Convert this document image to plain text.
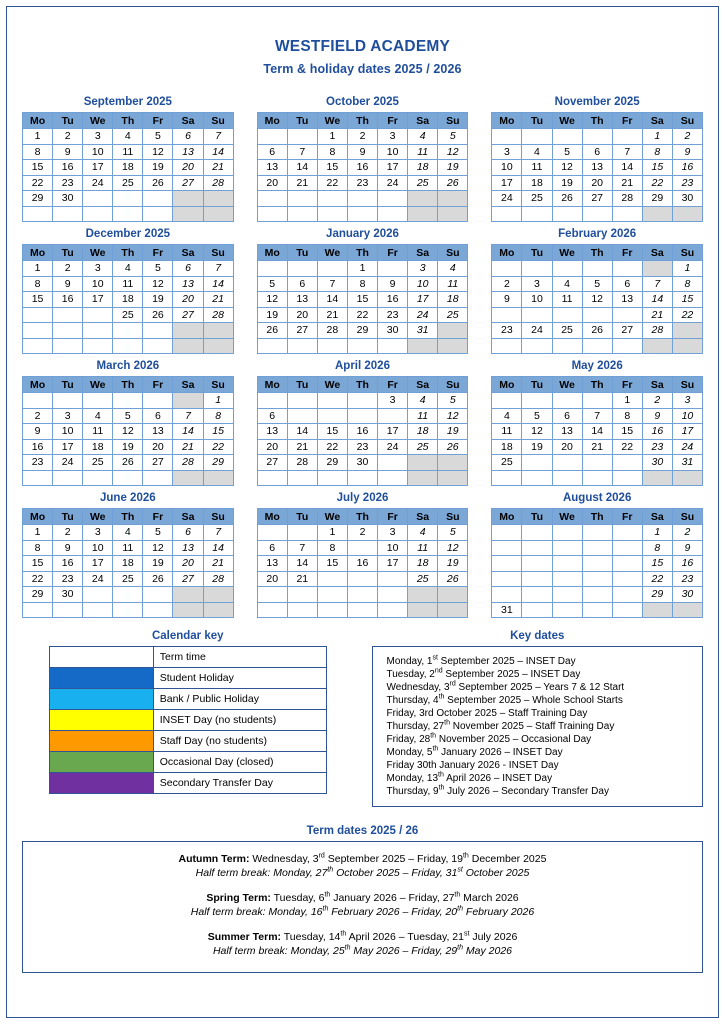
WESTFIELD ACADEMY
Term & holiday dates 2025 / 2026
September 2025
Mo	Tu	We	Th	Fr	Sa	Su
1	2	3	4	5	6	7
8	9	10	11	12	13	14
15	16	17	18	19	20	21
22	23	24	25	26	27	28
29	30					

October 2025
Mo	Tu	We	Th	Fr	Sa	Su
		1	2	3	4	5
6	7	8	9	10	11	12
13	14	15	16	17	18	19
20	21	22	23	24	25	26
27	28	29	30	31		

November 2025
Mo	Tu	We	Th	Fr	Sa	Su
					1	2
3	4	5	6	7	8	9
10	11	12	13	14	15	16
17	18	19	20	21	22	23
24	25	26	27	28	29	30

December 2025
Mo	Tu	We	Th	Fr	Sa	Su
1	2	3	4	5	6	7
8	9	10	11	12	13	14
15	16	17	18	19	20	21
22	23	24	25	26	27	28
29	30	31				

January 2026
Mo	Tu	We	Th	Fr	Sa	Su
			1	2	3	4
5	6	7	8	9	10	11
12	13	14	15	16	17	18
19	20	21	22	23	24	25
26	27	28	29	30	31	

February 2026
Mo	Tu	We	Th	Fr	Sa	Su
						1
2	3	4	5	6	7	8
9	10	11	12	13	14	15
16	17	18	19	20	21	22
23	24	25	26	27	28	

March 2026
Mo	Tu	We	Th	Fr	Sa	Su
						1
2	3	4	5	6	7	8
9	10	11	12	13	14	15
16	17	18	19	20	21	22
23	24	25	26	27	28	29
30	31					
April 2026
Mo	Tu	We	Th	Fr	Sa	Su
		1	2	3	4	5
6	7	8	9	10	11	12
13	14	15	16	17	18	19
20	21	22	23	24	25	26
27	28	29	30			

May 2026
Mo	Tu	We	Th	Fr	Sa	Su
				1	2	3
4	5	6	7	8	9	10
11	12	13	14	15	16	17
18	19	20	21	22	23	24
25	26	27	28	29	30	31

June 2026
Mo	Tu	We	Th	Fr	Sa	Su
1	2	3	4	5	6	7
8	9	10	11	12	13	14
15	16	17	18	19	20	21
22	23	24	25	26	27	28
29	30					

July 2026
Mo	Tu	We	Th	Fr	Sa	Su
		1	2	3	4	5
6	7	8	9	10	11	12
13	14	15	16	17	18	19
20	21	22	23	24	25	26
27	28	29	30	31		

August 2026
Mo	Tu	We	Th	Fr	Sa	Su
					1	2
3	4	5	6	7	8	9
10	11	12	13	14	15	16
17	18	19	20	21	22	23
24	25	26	27	28	29	30
31						
Calendar key
	Term time
	Student Holiday
	Bank / Public Holiday
	INSET Day (no students)
	Staff Day (no students)
	Occasional Day (closed)
	Secondary Transfer Day
Key dates
Monday, 1st September 2025 – INSET Day
Tuesday, 2nd September 2025 – INSET Day
Wednesday, 3rd September 2025 – Years 7 & 12 Start
Thursday, 4th September 2025 – Whole School Starts
Friday, 3rd October 2025 – Staff Training Day
Thursday, 27th November 2025 – Staff Training Day
Friday, 28th November 2025 – Occasional Day
Monday, 5th January 2026 – INSET Day
Friday 30th January 2026 - INSET Day
Monday, 13th April 2026 – INSET Day
Thursday, 9th July 2026 – Secondary Transfer Day
Term dates 2025 / 26
Autumn Term: Wednesday, 3rd September 2025 – Friday, 19th December 2025
Half term break: Monday, 27th October 2025 – Friday, 31st October 2025
Spring Term: Tuesday, 6th January 2026 – Friday, 27th March 2026
Half term break: Monday, 16th February 2026 – Friday, 20th February 2026
Summer Term: Tuesday, 14th April 2026 – Tuesday, 21st July 2026
Half term break: Monday, 25th May 2026 – Friday, 29th May 2026
